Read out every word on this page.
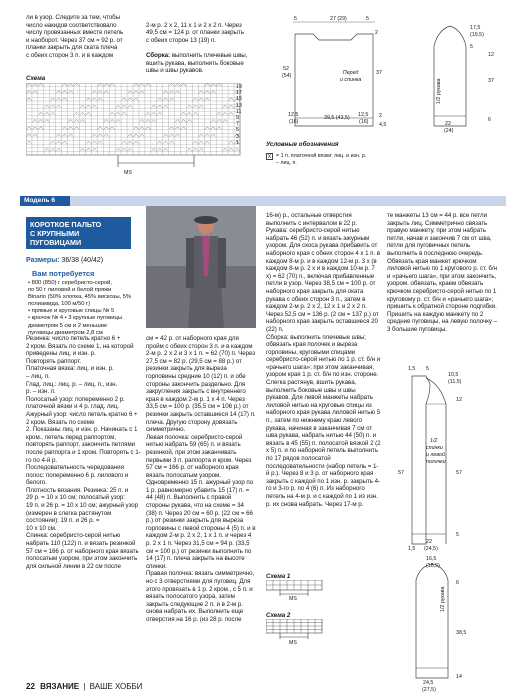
ли в узор. Следите за тем, чтобы
число накидов соответствовало
числу провязанных вместе петель
и наоборот. Через 37 см = 92 р. от
планки закрыть для ската плеча
с обеих сторон 3 п. и в каждом

2-м р. 2 х 2, 11 х 1 и 2 х 2 п. Через
49,5 см = 124 р. от планки закрыть
с обеих сторон 13 (19) п.

Сборка: выполнить плечевые швы,
вшить рукава, выполнить боковые
швы и швы рукавов.

Схема
19
17
15
13
11
9
7
5
3
1
MS
5	27 (29)	5
52
(54)
2
37
Перед
и спинка
12,5
(16)
39,5 (43,5) 12,5
(16)
2
4,5
17,5
(19,5)
5
12
1/2 рукава	37
22
(24)
6
Условные обозначения
Х = 1 п. платочной вязки: лиц. и изн. р.
– лиц. п.
Модель 6
КОРОТКОЕ ПАЛЬТО
С КРУПНЫМИ
ПУГОВИЦАМИ
Размеры: 36/38 (40/42)
Вам потребуется
• 800 (850) г серебристо-серой,
по 50 г лиловой и белой пряжи
Binario (50% хлопка, 45% вискозы, 5% полиамида, 100 м/50 г)
• прямые и круговые спицы № 5
• крючок № 4 • 3 крупные пуговицы диаметром 5 см и 2 меньшие
пуговицы диаметром 2,8 см
Резинка: число петель кратно 6 +
2 кром. Вязать по схеме 1, на которой приведены лиц. и изн. р.
Повторять раппорт.
Платочная вязка: лиц. и изн. р.
– лиц. п.
Глад. лиц.: лиц. р. – лиц. п., изн.
р. – изн. п.
Полосатый узор: попеременно 2 р.
платочной вязки и 4 р. глад. лиц.
Ажурный узор: число петель кратно 6 + 2 кром. Вязать по схеме
2. Показаны лиц. и изн. р. Начинать с 1 кром., петель перед раппортом, повторять раппорт, закончить петлями после раппорта и 1 кром. Повторять с 1-го по 4-й р.
Последовательность чередования полос: попеременно 6 р. лилового и белого.
Плотность вязания. Резинка: 25 п. и
29 р. = 10 х 10 см; полосатый узор:
19 п. и 26 р. = 10 х 10 см; ажурный узор (измерен в слегка растянутом состоянии): 19 п. и 26 р. =
10 х 10 см.
Спинка: серебристо-серой нитью набрать 110 (122) п. и вязать резинкой 57 см = 166 р. от наборного края вязать полосатым узором, при этом закончить для сильной линии в 22 см после
см = 42 р. от наборного края для пройм с обеих сторон 3 п. и в каждом 2-м р. 2 х 2 и 3 х 1 п. = 62 (70) п. Через 27,5 см = 82 р. (29,5 см = 88 р.) от резинки закрыть для выреза горловины средние 10 (12) п. и обе стороны закончить раздельно. Для закругления закрыть с внутреннего края в каждом 2-м р. 1 х 4 п. Через 33,5 см = 100 р. (35,5 см = 106 р.) от резинки закрыть оставшиеся 14 (17) п. плеча. Другую сторону довязать симметрично.
Левая полочка: серебристо-серой нитью набрать 59 (65) п. и вязать резинкой, при этом заканчивать первыми 3 п. раппорта и кром. Через 57 см = 166 р. от наборного края вязать полосатым узором. Одновременно 15 п. ажурный узор по 1 р. равномерно убавить 15 (17) п. = 44 (48) п. Выполнить с правой стороны рукава, что на схеме = 34 (38) п. Через 20 см = 60 р. (22 см = 66 р.) от резинки закрыть для выреза горловины с левой стороны 4 (5) п. и в каждом 2-м р. 2 х 2, 1 х 1 п. и через 4 р. 2 х 1 п. Через 31,5 см = 94 р. (33,5 см = 100 р.) от резинки выполнить по 14 (17) п. плеча закрыть на высоте спинки.
Правая полочка: вязать симметрично, но с 3 отверстиями для пуговиц. Для этого провязать в 1 р. 2 кром., с 5 п. и вязать полосатого узора, затем закрыть следующие 2 п. и в 2-м р. снова набрать их. Выполнить еще отверстия на 16 р. (из 28 р. после
16-м) р., остальные отверстия выполнить с интервалом в 22 р.
Рукава: серебристо-серой нитью набрать 46 (52) п. и вязать ажурным узором. Для скоса рукава прибавить от наборного края с обеих сторон 4 х 1 п. в каждом 8-м р. и в каждом 12-м р. 3 х (в каждом 8-м р. 2 х и в каждом 10-м р. 7 х) = 62 (70) п., включая прибавленные петли в узор. Через 38,5 см = 100 р. от наборного края закрыть для оката рукава с обеих сторон 3 п., затем в каждом 2-м р. 2 х 2, 12 х 1 и 2 х 2 п. Через 52,5 см = 136 р. (2 см = 137 р.) от наборного края закрыть оставшиеся 20 (22) п.
Сборка: выполнить плечевые швы; обвязать края полочек и выреза горловины, круговыми спицами серебристо-серой нитью по 1 р. ст. б/н и «рачьего шага»; при этом заканчивая, узором края 1 р. ст. б/н по изн. стороне. Слегка растянув, вшить рукава, выполнить боковые швы и швы рукавов. Для левой манжеты набрать лиловой нитью на круговые спицы из наборного края рукава лиловой нитью 5 п., затем по нижнему краю левого рукава, начиная в заканчивая 7 см от шва рукава, набрать нитью 44 (50) п. и вязать в 45 (55) п. полосатой вязкой 2 (2 х 5) п. и по наборной петель выполнить по 17 рядов полосатой последовательности (набор петель = 1-й р.). Через 8 и 3 р. от наборного края закрыть с каждой по 1 изн. р. закрыть 4-го и 3-го р. по 4 (6) п. Из наборного петель на 4-м р. и с каждой по 1 из изн. р. их снова набрать. Через 17-м р.
те манжеты 13 см = 44 р. все петли закрыть лиц. Симметрично связать правую манжету, при этом набрать петли, начав и закончив 7 см от шва, петли для пуговичных петель выполнить в последнюю очередь. Обвязать края манжет крючком лиловой нитью по 1 кругового р. ст. б/н и «рачьего шага», при этом закончить, узором. обвязать, краем обвязать крючком серебристо-серой нитью по 1 круговому р. ст. б/н и «рачьего шага»; пришить к обратной стороне подгибки. Пришить на каждую манжету по 2 средние пуговицы, на левую полочку – 3 большие пуговицы.
1,5 5
10,5
(11,5)
12
1/2
спинки
и левой
полочки
57	57
22
(24,5)
1,5
5
Схема 1
MS
Схема 2
MS
16,5
(18,5)
6
1/2 рукава
38,5
24,5
(27,5)
14
22 ВЯЗАНИЕ | ВАШЕ ХОББИ
